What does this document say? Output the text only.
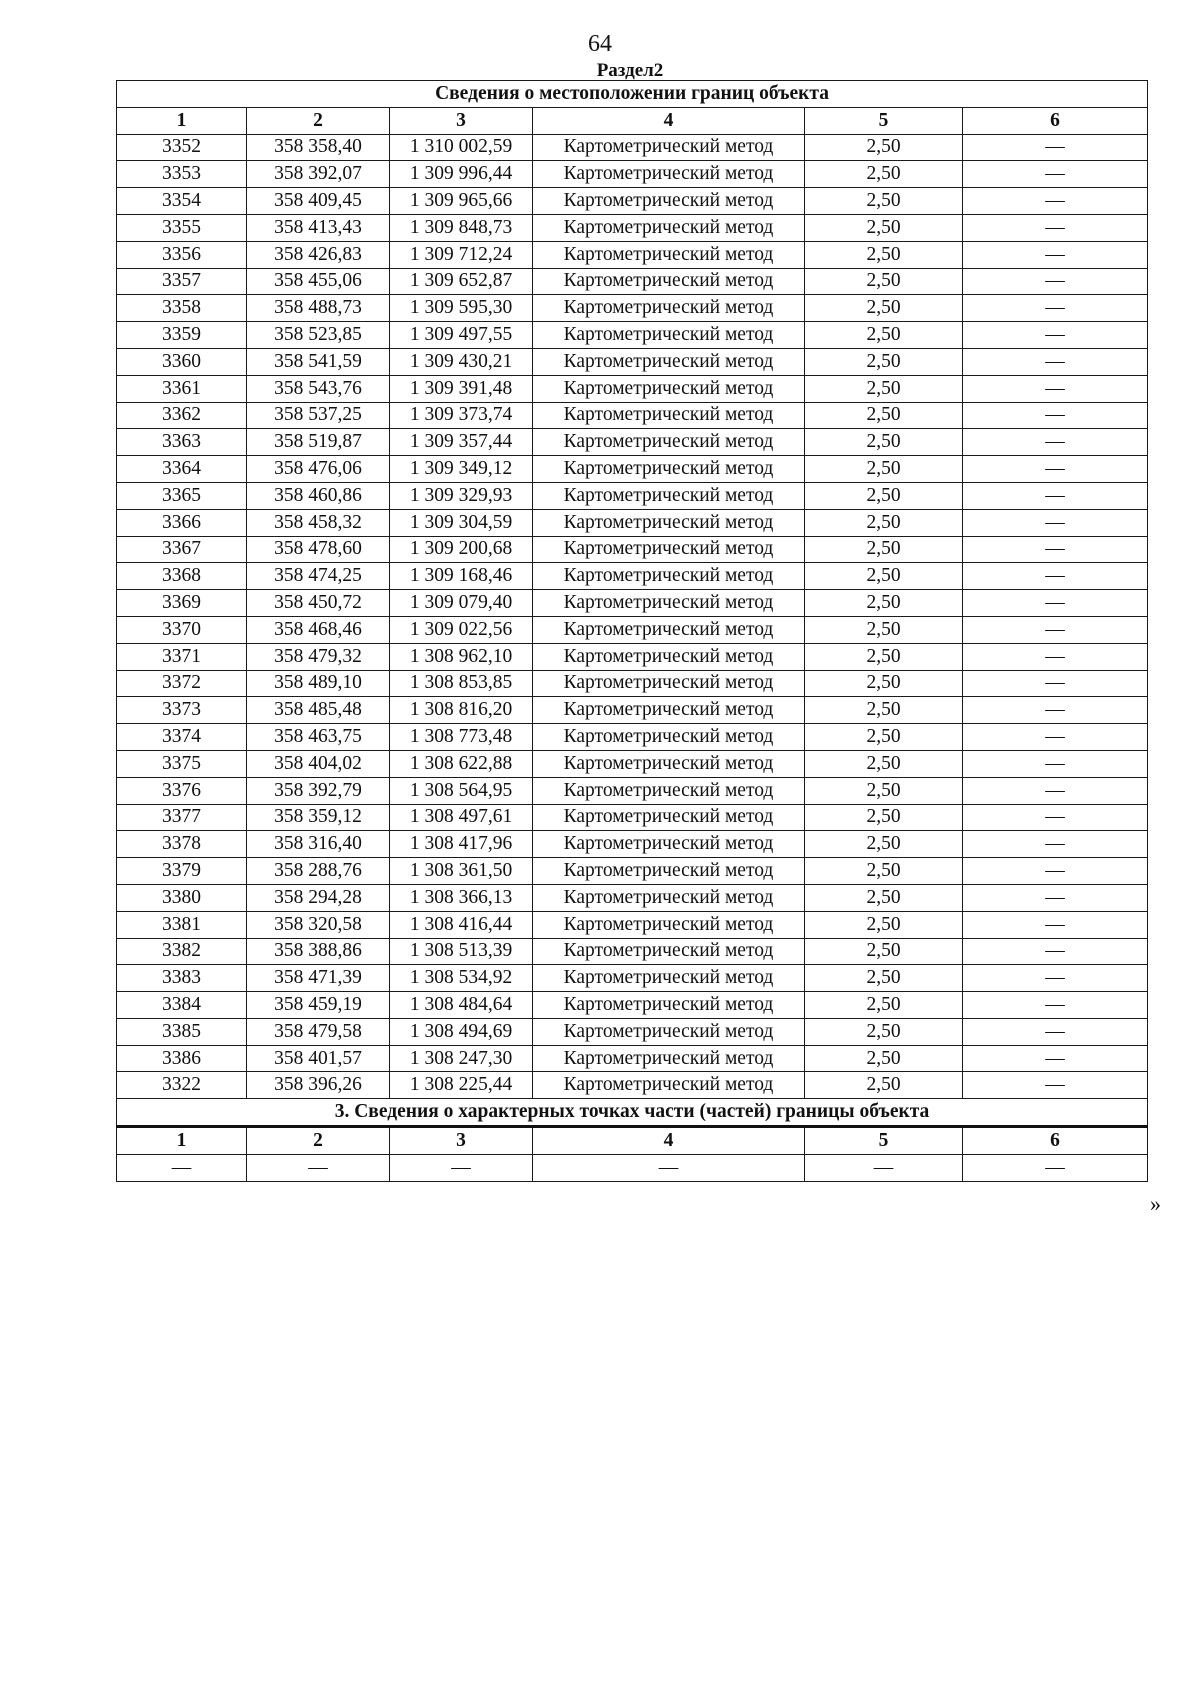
64
Раздел2
Сведения о местоположении границ объекта					
1	2	3	4	5	6
3352	358 358,40	1 310 002,59	Картометрический метод	2,50	—
3353	358 392,07	1 309 996,44	Картометрический метод	2,50	—
3354	358 409,45	1 309 965,66	Картометрический метод	2,50	—
3355	358 413,43	1 309 848,73	Картометрический метод	2,50	—
3356	358 426,83	1 309 712,24	Картометрический метод	2,50	—
3357	358 455,06	1 309 652,87	Картометрический метод	2,50	—
3358	358 488,73	1 309 595,30	Картометрический метод	2,50	—
3359	358 523,85	1 309 497,55	Картометрический метод	2,50	—
3360	358 541,59	1 309 430,21	Картометрический метод	2,50	—
3361	358 543,76	1 309 391,48	Картометрический метод	2,50	—
3362	358 537,25	1 309 373,74	Картометрический метод	2,50	—
3363	358 519,87	1 309 357,44	Картометрический метод	2,50	—
3364	358 476,06	1 309 349,12	Картометрический метод	2,50	—
3365	358 460,86	1 309 329,93	Картометрический метод	2,50	—
3366	358 458,32	1 309 304,59	Картометрический метод	2,50	—
3367	358 478,60	1 309 200,68	Картометрический метод	2,50	—
3368	358 474,25	1 309 168,46	Картометрический метод	2,50	—
3369	358 450,72	1 309 079,40	Картометрический метод	2,50	—
3370	358 468,46	1 309 022,56	Картометрический метод	2,50	—
3371	358 479,32	1 308 962,10	Картометрический метод	2,50	—
3372	358 489,10	1 308 853,85	Картометрический метод	2,50	—
3373	358 485,48	1 308 816,20	Картометрический метод	2,50	—
3374	358 463,75	1 308 773,48	Картометрический метод	2,50	—
3375	358 404,02	1 308 622,88	Картометрический метод	2,50	—
3376	358 392,79	1 308 564,95	Картометрический метод	2,50	—
3377	358 359,12	1 308 497,61	Картометрический метод	2,50	—
3378	358 316,40	1 308 417,96	Картометрический метод	2,50	—
3379	358 288,76	1 308 361,50	Картометрический метод	2,50	—
3380	358 294,28	1 308 366,13	Картометрический метод	2,50	—
3381	358 320,58	1 308 416,44	Картометрический метод	2,50	—
3382	358 388,86	1 308 513,39	Картометрический метод	2,50	—
3383	358 471,39	1 308 534,92	Картометрический метод	2,50	—
3384	358 459,19	1 308 484,64	Картометрический метод	2,50	—
3385	358 479,58	1 308 494,69	Картометрический метод	2,50	—
3386	358 401,57	1 308 247,30	Картометрический метод	2,50	—
3322	358 396,26	1 308 225,44	Картометрический метод	2,50	—
3. Сведения о характерных точках части (частей) границы объекта					
1	2	3	4	5	6
—	—	—	—	—	—
»
